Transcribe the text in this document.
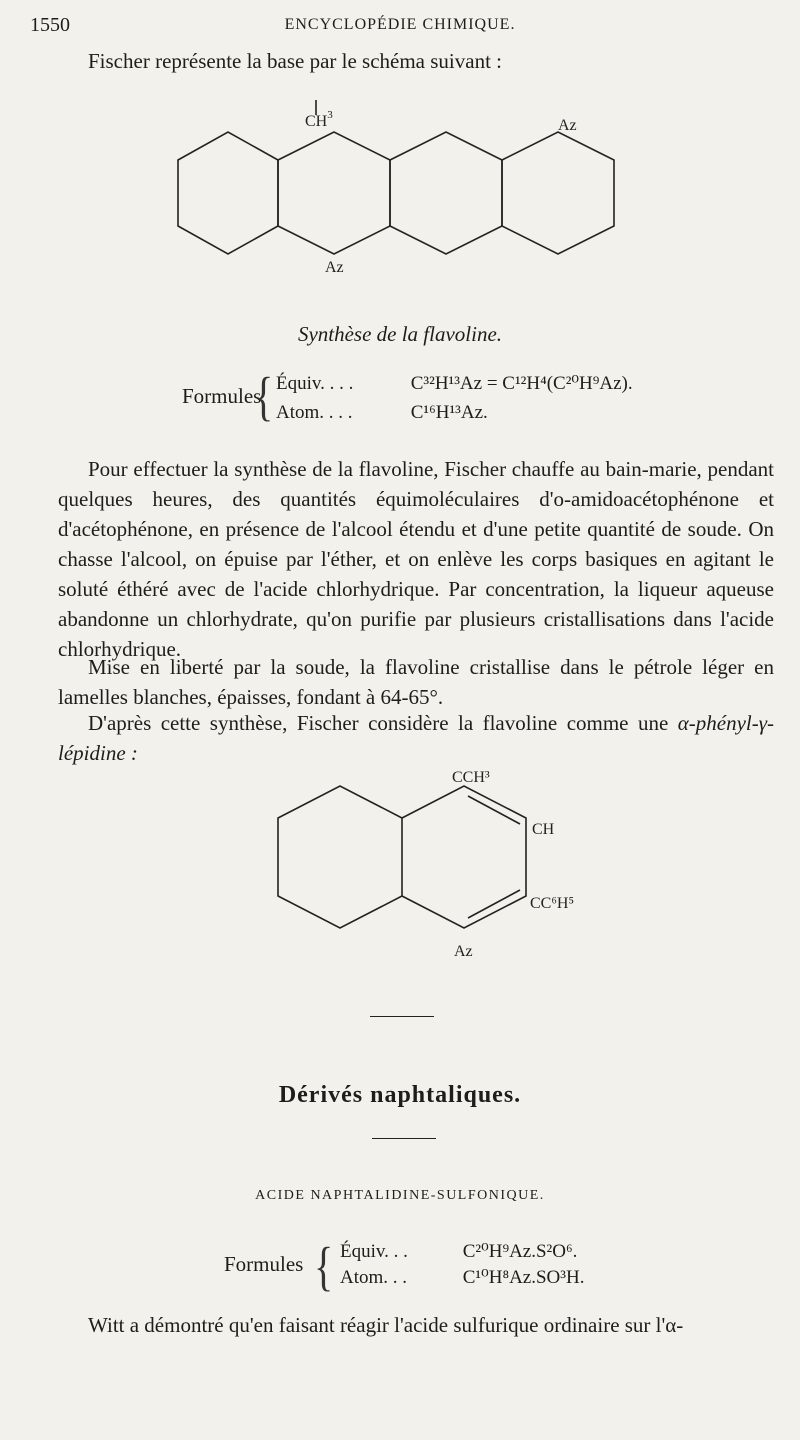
1550	ENCYCLOPÉDIE CHIMIQUE.

Fischer représente la base par le schéma suivant :

$CH^3$
Az
Az
Synthèse de la flavoline.
Formules
{ Équiv. . . .	C³²H¹³Az = C¹²H⁴(C²⁰H⁹Az).
Atom. . . .	C¹⁶H¹³Az.

Pour effectuer la synthèse de la flavoline, Fischer chauffe au bain-marie, pendant quelques heures, des quantités équimoléculaires d'o-amidoacétophénone et d'acétophénone, en présence de l'alcool étendu et d'une petite quantité de soude. On chasse l'alcool, on épuise par l'éther, et on enlève les corps basiques en agitant le soluté éthéré avec de l'acide chlorhydrique. Par concentration, la liqueur aqueuse abandonne un chlorhydrate, qu'on purifie par plusieurs cristallisations dans l'acide chlorhydrique.

Mise en liberté par la soude, la flavoline cristallise dans le pétrole léger en lamelles blanches, épaisses, fondant à 64-65°.

D'après cette synthèse, Fischer considère la flavoline comme une α-phényl-γ-lépidine :

CCH³
CH
CC⁶H⁵
Az
Dérivés naphtaliques.
ACIDE NAPHTALIDINE-SULFONIQUE.
Formules { Équiv. . .	C²⁰H⁹Az.S²O⁶.
Atom. . .	C¹⁰H⁸Az.SO³H.

Witt a démontré qu'en faisant réagir l'acide sulfurique ordinaire sur l'α-
